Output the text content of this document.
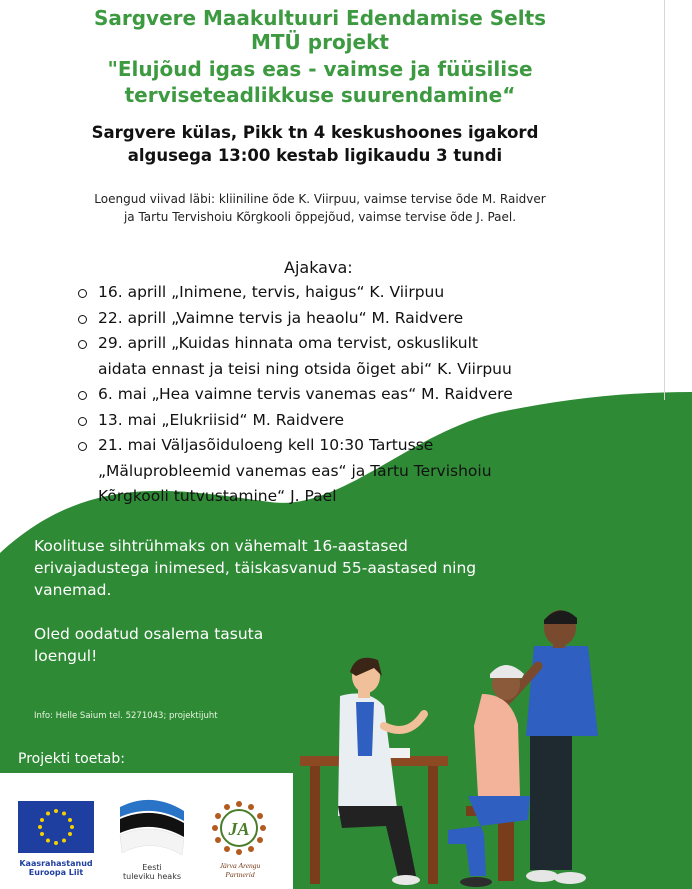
Sargvere Maakultuuri Edendamise Selts
MTÜ projekt
"Elujõud igas eas - vaimse ja füüsilise
terviseteadlikkuse suurendamine“
Sargvere külas, Pikk tn 4 keskushoones igakord
algusega 13:00 kestab ligikaudu 3 tundi
Loengud viivad läbi: kliiniline õde K. Viirpuu, vaimse tervise õde M. Raidver
ja Tartu Tervishoiu Kõrgkooli õppejõud, vaimse tervise õde J. Pael.
Ajakava:
16. aprill „Inimene, tervis, haigus“ K. Viirpuu
22. aprill „Vaimne tervis ja heaolu“ M. Raidvere
29. aprill „Kuidas hinnata oma tervist, oskuslikult
aidata ennast ja teisi ning otsida õiget abi“ K. Viirpuu
6. mai „Hea vaimne tervis vanemas eas“ M. Raidvere
13. mai „Elukriisid“ M. Raidvere
21. mai Väljasõiduloeng kell 10:30 Tartusse
„Mäluprobleemid vanemas eas“ ja Tartu Tervishoiu
Kõrgkooli tutvustamine“ J. Pael
Koolituse sihtrühmaks on vähemalt 16-aastased
erivajadustega inimesed, täiskasvanud 55-aastased ning
vanemad.
Oled oodatud osalema tasuta
loengul!
Info: Helle Saium tel. 5271043; projektijuht
Projekti toetab:
Kaasrahastanud
Euroopa Liit
Eesti
tuleviku heaks
JA
Järva Arengu
Partnerid
